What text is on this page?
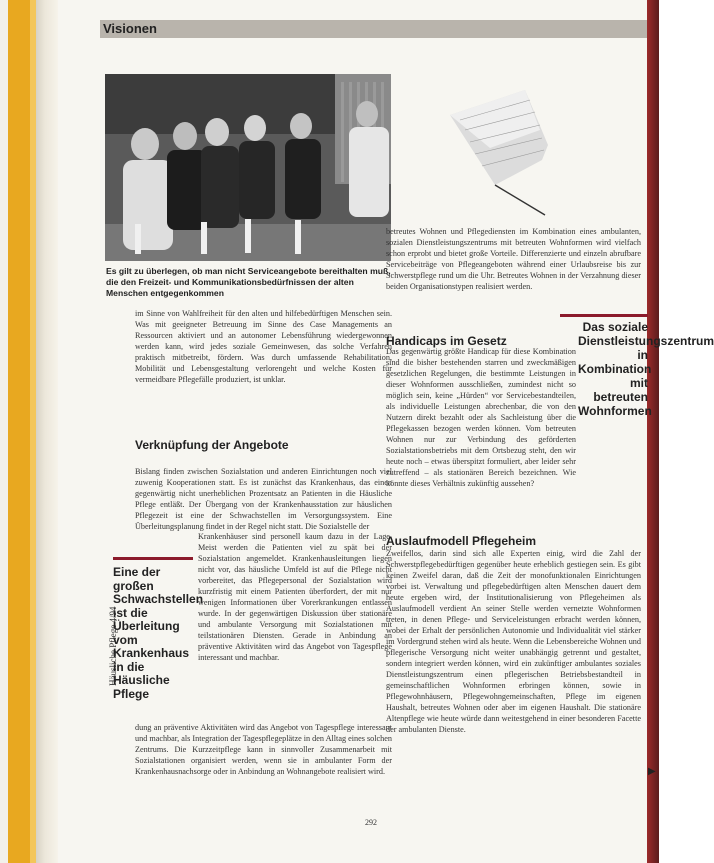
Visionen
Es gilt zu überlegen, ob man nicht Serviceangebote bereithalten muß, die den Freizeit- und Kommunikationsbedürfnissen der alten Menschen entgegenkommen

im Sinne von Wahlfreiheit für den alten und hilfebedürftigen Menschen sein. Was mit geeigneter Betreuung im Sinne des Case Managements an Ressourcen aktiviert und an autonomer Lebensführung wiedergewonnen werden kann, wird jedes soziale Gemeinwesen, das solche Verfahren praktisch mitbetreibt, fördern. Was durch umfassende Rehabilitation, Mobilität und Lebensgestaltung verlorengeht und welche Kosten für vermeidbare Pflegefälle produziert, ist unklar.

Verknüpfung der Angebote

Bislang finden zwischen Sozialstation und anderen Einrichtungen noch viel zuwenig Kooperationen statt. Es ist zunächst das Krankenhaus, das einen gegenwärtig nicht unerheblichen Prozentsatz an Patienten in die Häusliche Pflege entläßt. Der Übergang von der Krankenhausstation zur häuslichen Pflegezeit ist eine der Schwachstellen im Versorgungssystem. Eine Überleitungsplanung findet in der Regel nicht statt. Die Sozialstelle der

Eine der großen Schwachstellen ist die Überleitung vom Krankenhaus in die Häusliche Pflege

Krankenhäuser sind personell kaum dazu in der Lage. Meist werden die Patienten viel zu spät bei der Sozialstation angemeldet. Krankenhausleitungen liegen nicht vor, das häusliche Umfeld ist auf die Pflege nicht vorbereitet, das Pflegepersonal der Sozialstation wird kurzfristig mit einem Patienten überfordert, der mit nur wenigen Informationen über Vorerkrankungen entlassen wurde. In der gegenwärtigen Diskussion über stationäre und ambulante Versorgung mit Sozialstationen mit teilstationären Diensten. Gerade in Anbindung an präventive Aktivitäten wird das Angebot von Tagespflege interessant und machbar.

dung an präventive Aktivitäten wird das Angebot von Tagespflege interessant und machbar, als Integration der Tagespflegeplätze in den Alltag eines solchen Zentrums. Die Kurzzeitpflege kann in sinnvoller Zusammenarbeit mit Sozialstationen organisiert werden, wenn sie in ambulanter Form der Krankenhausnachsorge oder in Anbindung an Wohnangebote realisiert wird.

Häusliche Pflege 4/94

betreutes Wohnen und Pflegediensten im Kombination eines ambulanten, sozialen Dienstleistungszentrums mit betreuten Wohnformen wird vielfach schon erprobt und bietet große Vorteile. Differenzierte und einzeln abrufbare Servicebeiträge von Pflegeangeboten während einer Urlaubsreise bis zur Schwerstpflege rund um die Uhr. Betreutes Wohnen in der Verzahnung dieser beiden Organisationstypen realisiert werden.

Das soziale Dienstleistungszentrum in Kombination mit betreuten Wohnformen
Handicaps im Gesetz

Das gegenwärtig größte Handicap für diese Kombination sind die bisher bestehenden starren und zweckmäßigen gesetzlichen Regelungen, die bestimmte Leistungen in dieser Wohnformen ausschließen, zumindest nicht so möglich sein, keine „Hürden“ vor Servicebestandteilen, als individuelle Leistungen abrechenbar, die von den Nutzern direkt bezahlt oder als Sachleistung über die Pflegekassen bezogen werden können. Vom betreuten Wohnen nur zur Verbindung des geförderten Sozialstationsbetriebs mit dem Ortsbezug steht, den wir heute noch – etwas überspitzt formuliert, aber leider sehr zutreffend – als stationären Bereich bezeichnen. Wie könnte dieses Verhältnis zukünftig aussehen?

Auslaufmodell Pflegeheim

Zweifellos, darin sind sich alle Experten einig, wird die Zahl der Schwerstpflegebedürftigen gegenüber heute erheblich gestiegen sein. Es gibt keinen Zweifel daran, daß die Zeit der monofunktionalen Einrichtungen vorbei ist. Verwaltung und pflegebedürftigen alten Menschen dauert dem heute ergeben wird, der Institutionalisierung von Pflegeheimen als Auslaufmodell verdient An seiner Stelle werden vernetzte Wohnformen treten, in denen Pflege- und Serviceleistungen erbracht werden können, wobei der Erhalt der persönlichen Autonomie und Individualität viel stärker im Vordergrund stehen wird als heute. Wenn die Lebensbereiche Wohnen und pflegerische Versorgung nicht weiter unabhängig getrennt und gestaltet, sondern integriert werden können, wird ein zukünftiger ambulantes soziales Dienstleistungszentrum einen pflegerischen Betriebsbestandteil in gemeinschaftlichen Wohnformen erbringen können, sowie in Pflegewohnhäusern, Pflegewohngemeinschaften, Pflege im eigenen Haushalt, betreutes Wohnen oder aber im eigenen Haushalt. Die stationäre Altenpflege wie heute würde dann weitestgehend in einer besonderen Facette der ambulanten Dienste.

▶
292
